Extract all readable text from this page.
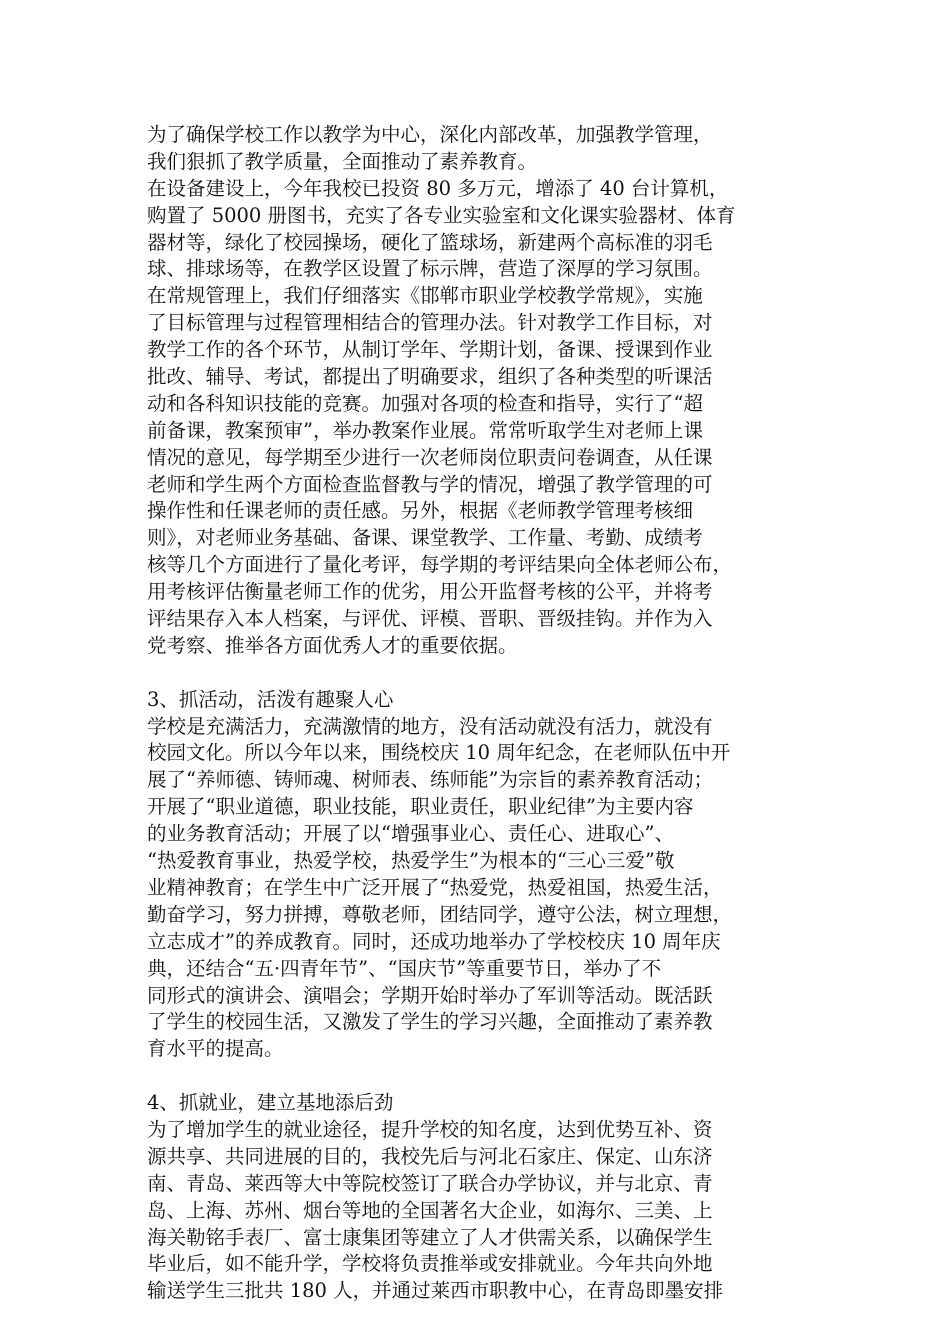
为了确保学校工作以教学为中心，深化内部改革，加强教学管理，
我们狠抓了教学质量，全面推动了素养教育。
在设备建设上，今年我校已投资 80 多万元，增添了 40 台计算机，
购置了 5000 册图书，充实了各专业实验室和文化课实验器材、体育
器材等，绿化了校园操场，硬化了篮球场，新建两个高标准的羽毛
球、排球场等，在教学区设置了标示牌，营造了深厚的学习氛围。
在常规管理上，我们仔细落实《邯郸市职业学校教学常规》，实施
了目标管理与过程管理相结合的管理办法。针对教学工作目标，对
教学工作的各个环节，从制订学年、学期计划，备课、授课到作业
批改、辅导、考试，都提出了明确要求，组织了各种类型的听课活
动和各科知识技能的竞赛。加强对各项的检查和指导，实行了“超
前备课，教案预审”，举办教案作业展。常常听取学生对老师上课
情况的意见，每学期至少进行一次老师岗位职责问卷调查，从任课
老师和学生两个方面检查监督教与学的情况，增强了教学管理的可
操作性和任课老师的责任感。另外，根据《老师教学管理考核细
则》，对老师业务基础、备课、课堂教学、工作量、考勤、成绩考
核等几个方面进行了量化考评，每学期的考评结果向全体老师公布，
用考核评估衡量老师工作的优劣，用公开监督考核的公平，并将考
评结果存入本人档案，与评优、评模、晋职、晋级挂钩。并作为入
党考察、推举各方面优秀人才的重要依据。
3、抓活动，活泼有趣聚人心
学校是充满活力，充满激情的地方，没有活动就没有活力，就没有
校园文化。所以今年以来，围绕校庆 10 周年纪念，在老师队伍中开
展了“养师德、铸师魂、树师表、练师能”为宗旨的素养教育活动；
开展了“职业道德，职业技能，职业责任，职业纪律”为主要内容
的业务教育活动；开展了以“增强事业心、责任心、进取心”、
“热爱教育事业，热爱学校，热爱学生”为根本的“三心三爱”敬
业精神教育；在学生中广泛开展了“热爱党，热爱祖国，热爱生活，
勤奋学习，努力拼搏，尊敬老师，团结同学，遵守公法，树立理想，
立志成才”的养成教育。同时，还成功地举办了学校校庆 10 周年庆
典，还结合“五·四青年节”、“国庆节”等重要节日，举办了不
同形式的演讲会、演唱会；学期开始时举办了军训等活动。既活跃
了学生的校园生活，又激发了学生的学习兴趣，全面推动了素养教
育水平的提高。
4、抓就业，建立基地添后劲
为了增加学生的就业途径，提升学校的知名度，达到优势互补、资
源共享、共同进展的目的，我校先后与河北石家庄、保定、山东济
南、青岛、莱西等大中等院校签订了联合办学协议，并与北京、青
岛、上海、苏州、烟台等地的全国著名大企业，如海尔、三美、上
海关勒铭手表厂、富士康集团等建立了人才供需关系，以确保学生
毕业后，如不能升学，学校将负责推举或安排就业。今年共向外地
输送学生三批共 180 人，并通过莱西市职教中心，在青岛即墨安排
